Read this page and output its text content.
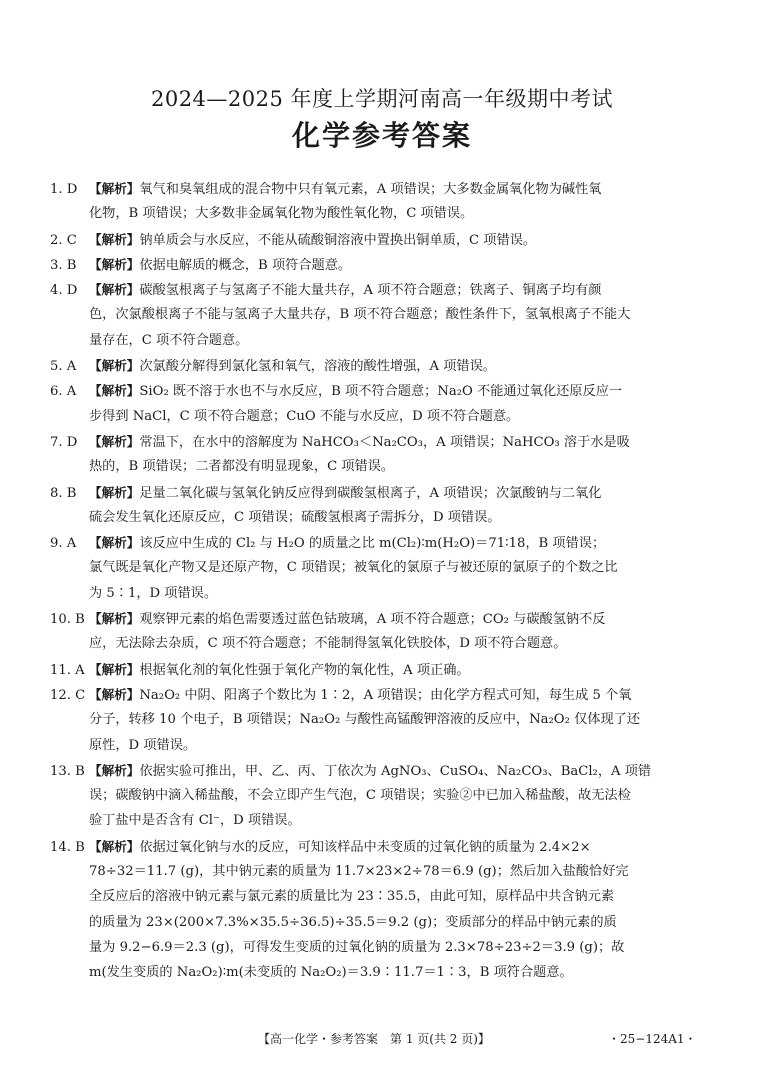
2024—2025 年度上学期河南高一年级期中考试
化学参考答案
1. D 【解析】氧气和臭氧组成的混合物中只有氧元素，A 项错误；大多数金属氧化物为碱性氧
化物，B 项错误；大多数非金属氧化物为酸性氧化物，C 项错误。
2. C 【解析】钠单质会与水反应，不能从硫酸铜溶液中置换出铜单质，C 项错误。
3. B 【解析】依据电解质的概念，B 项符合题意。
4. D 【解析】碳酸氢根离子与氢离子不能大量共存，A 项不符合题意；铁离子、铜离子均有颜
色，次氯酸根离子不能与氢离子大量共存，B 项不符合题意；酸性条件下，氢氧根离子不能大
量存在，C 项不符合题意。
5. A 【解析】次氯酸分解得到氯化氢和氧气，溶液的酸性增强，A 项错误。
6. A 【解析】SiO₂ 既不溶于水也不与水反应，B 项不符合题意；Na₂O 不能通过氧化还原反应一
步得到 NaCl，C 项不符合题意；CuO 不能与水反应，D 项不符合题意。
7. D 【解析】常温下，在水中的溶解度为 NaHCO₃＜Na₂CO₃，A 项错误；NaHCO₃ 溶于水是吸
热的，B 项错误；二者都没有明显现象，C 项错误。
8. B 【解析】足量二氧化碳与氢氧化钠反应得到碳酸氢根离子，A 项错误；次氯酸钠与二氧化
硫会发生氧化还原反应，C 项错误；硫酸氢根离子需拆分，D 项错误。
9. A 【解析】该反应中生成的 Cl₂ 与 H₂O 的质量之比 m(Cl₂)∶m(H₂O)＝71∶18，B 项错误；
氯气既是氧化产物又是还原产物，C 项错误；被氧化的氯原子与被还原的氯原子的个数之比
为 5∶1，D 项错误。
10. B 【解析】观察钾元素的焰色需要透过蓝色钴玻璃，A 项不符合题意；CO₂ 与碳酸氢钠不反
应，无法除去杂质，C 项不符合题意；不能制得氢氧化铁胶体，D 项不符合题意。
11. A 【解析】根据氧化剂的氧化性强于氧化产物的氧化性，A 项正确。
12. C 【解析】Na₂O₂ 中阴、阳离子个数比为 1∶2，A 项错误；由化学方程式可知，每生成 5 个氧
分子，转移 10 个电子，B 项错误；Na₂O₂ 与酸性高锰酸钾溶液的反应中，Na₂O₂ 仅体现了还
原性，D 项错误。
13. B 【解析】依据实验可推出，甲、乙、丙、丁依次为 AgNO₃、CuSO₄、Na₂CO₃、BaCl₂，A 项错
误；碳酸钠中滴入稀盐酸，不会立即产生气泡，C 项错误；实验②中已加入稀盐酸，故无法检
验丁盐中是否含有 Cl⁻，D 项错误。
14. B 【解析】依据过氧化钠与水的反应，可知该样品中未变质的过氧化钠的质量为 2.4×2×
78÷32＝11.7 (g)，其中钠元素的质量为 11.7×23×2÷78＝6.9 (g)；然后加入盐酸恰好完
全反应后的溶液中钠元素与氯元素的质量比为 23∶35.5，由此可知，原样品中共含钠元素
的质量为 23×(200×7.3%×35.5÷36.5)÷35.5＝9.2 (g)；变质部分的样品中钠元素的质
量为 9.2−6.9＝2.3 (g)，可得发生变质的过氧化钠的质量为 2.3×78÷23÷2＝3.9 (g)；故
m(发生变质的 Na₂O₂)∶m(未变质的 Na₂O₂)＝3.9∶11.7＝1∶3，B 项符合题意。
【高一化学・参考答案　第 1 页(共 2 页)】	・25−124A1・
